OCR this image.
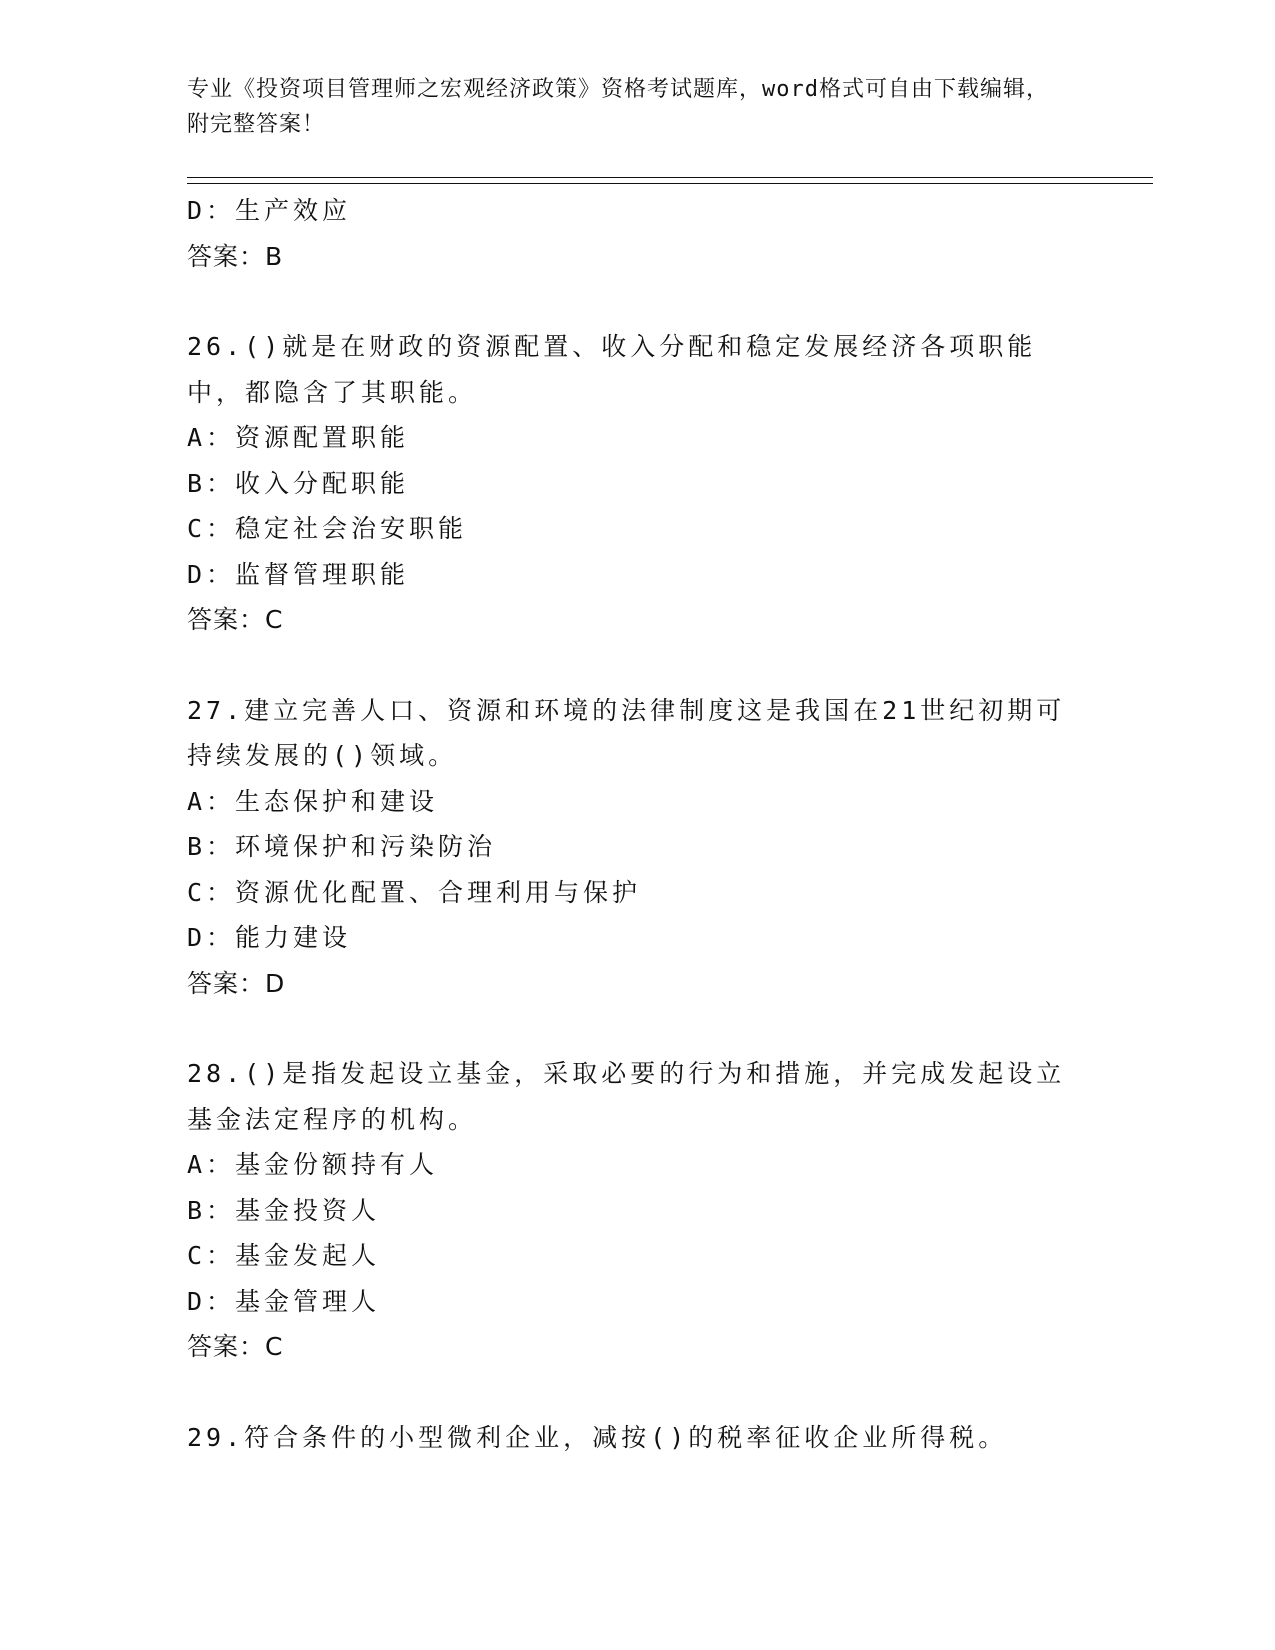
专业《投资项目管理师之宏观经济政策》资格考试题库，word格式可自由下载编辑，附完整答案！
D：生产效应
答案：B
26.()就是在财政的资源配置、收入分配和稳定发展经济各项职能中，都隐含了其职能。
A：资源配置职能
B：收入分配职能
C：稳定社会治安职能
D：监督管理职能
答案：C
27.建立完善人口、资源和环境的法律制度这是我国在21世纪初期可持续发展的()领域。
A：生态保护和建设
B：环境保护和污染防治
C：资源优化配置、合理利用与保护
D：能力建设
答案：D
28.()是指发起设立基金，采取必要的行为和措施，并完成发起设立基金法定程序的机构。
A：基金份额持有人
B：基金投资人
C：基金发起人
D：基金管理人
答案：C
29.符合条件的小型微利企业，减按()的税率征收企业所得税。
